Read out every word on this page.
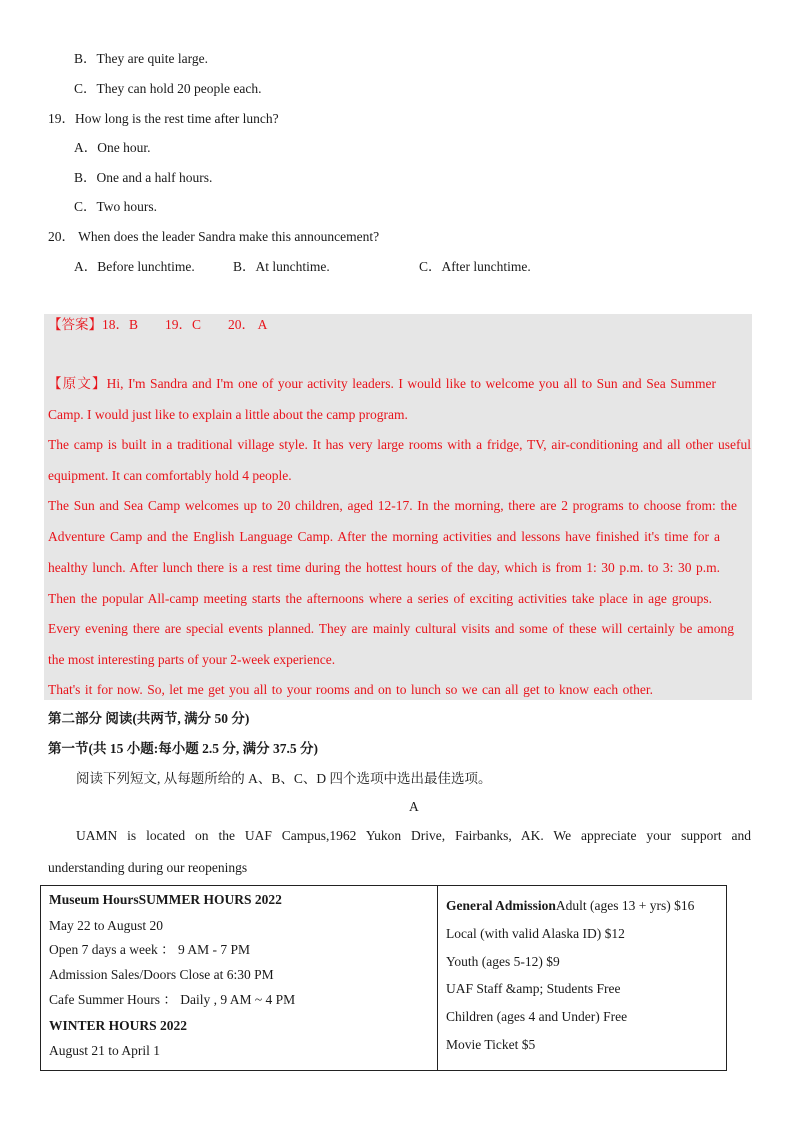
B．They are quite large.
C．They can hold 20 people each.
19．How long is the rest time after lunch?
A．One hour.
B．One and a half hours.
C．Two hours.
20． When does the leader Sandra make this announcement?
A．Before lunchtime.	B．At lunchtime.	C．After lunchtime.
【答案】18．B　　19．C　　20． A
【原文】Hi, I'm Sandra and I'm one of your activity leaders. I would like to welcome you all to Sun and Sea Summer
Camp. I would just like to explain a little about the camp program.
The camp is built in a traditional village style. It has very large rooms with a fridge, TV, air-conditioning and all other useful
equipment. It can comfortably hold 4 people.
The Sun and Sea Camp welcomes up to 20 children, aged 12-17. In the morning, there are 2 programs to choose from: the
Adventure Camp and the English Language Camp. After the morning activities and lessons have finished it's time for a
healthy lunch. After lunch there is a rest time during the hottest hours of the day, which is from 1: 30 p.m. to 3: 30 p.m.
Then the popular All-camp meeting starts the afternoons where a series of exciting activities take place in age groups.
Every evening there are special events planned. They are mainly cultural visits and some of these will certainly be among
the most interesting parts of your 2-week experience.
That's it for now. So, let me get you all to your rooms and on to lunch so we can all get to know each other.
第二部分 阅读(共两节, 满分 50 分)
第一节(共 15 小题:每小题 2.5 分, 满分 37.5 分)
阅读下列短文, 从每题所给的 A、B、C、D 四个选项中选出最佳选项。
A
UAMN is located on the UAF Campus,1962 Yukon Drive, Fairbanks, AK. We appreciate your support and
understanding during our reopenings
Museum HoursSUMMER HOURS 2022
May 22 to August 20
Open 7 days a week ： 9 AM - 7 PM
Admission Sales/Doors Close at 6:30 PM
Cafe Summer Hours ： Daily , 9 AM ~ 4 PM
WINTER HOURS 2022
August 21 to April 1

General AdmissionAdult (ages 13 + yrs) $16
Local (with valid Alaska ID) $12
Youth (ages 5-12) $9
UAF Staff &amp; Students Free
Children (ages 4 and Under) Free
Movie Ticket $5
